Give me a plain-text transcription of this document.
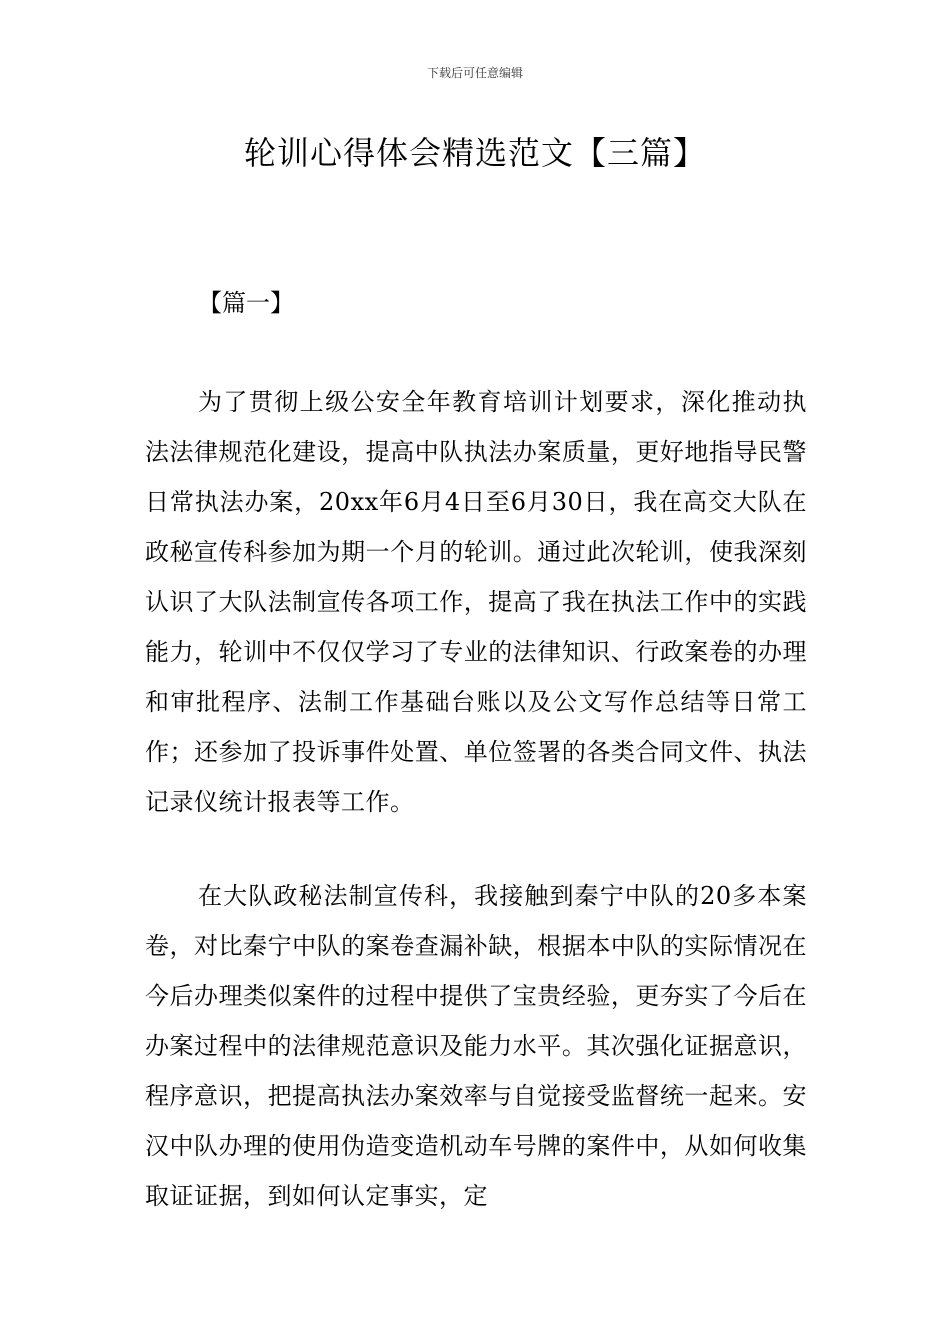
下载后可任意编辑
轮训心得体会精选范文【三篇】
【篇一】

为了贯彻上级公安全年教育培训计划要求，深化推动执法法律规范化建设，提高中队执法办案质量，更好地指导民警日常执法办案，20xx年6月4日至6月30日，我在高交大队在政秘宣传科参加为期一个月的轮训。通过此次轮训，使我深刻认识了大队法制宣传各项工作，提高了我在执法工作中的实践能力，轮训中不仅仅学习了专业的法律知识、行政案卷的办理和审批程序、法制工作基础台账以及公文写作总结等日常工作；还参加了投诉事件处置、单位签署的各类合同文件、执法记录仪统计报表等工作。

在大队政秘法制宣传科，我接触到秦宁中队的20多本案卷，对比秦宁中队的案卷查漏补缺，根据本中队的实际情况在今后办理类似案件的过程中提供了宝贵经验，更夯实了今后在办案过程中的法律规范意识及能力水平。其次强化证据意识，程序意识，把提高执法办案效率与自觉接受监督统一起来。安汉中队办理的使用伪造变造机动车号牌的案件中，从如何收集取证证据，到如何认定事实，定
